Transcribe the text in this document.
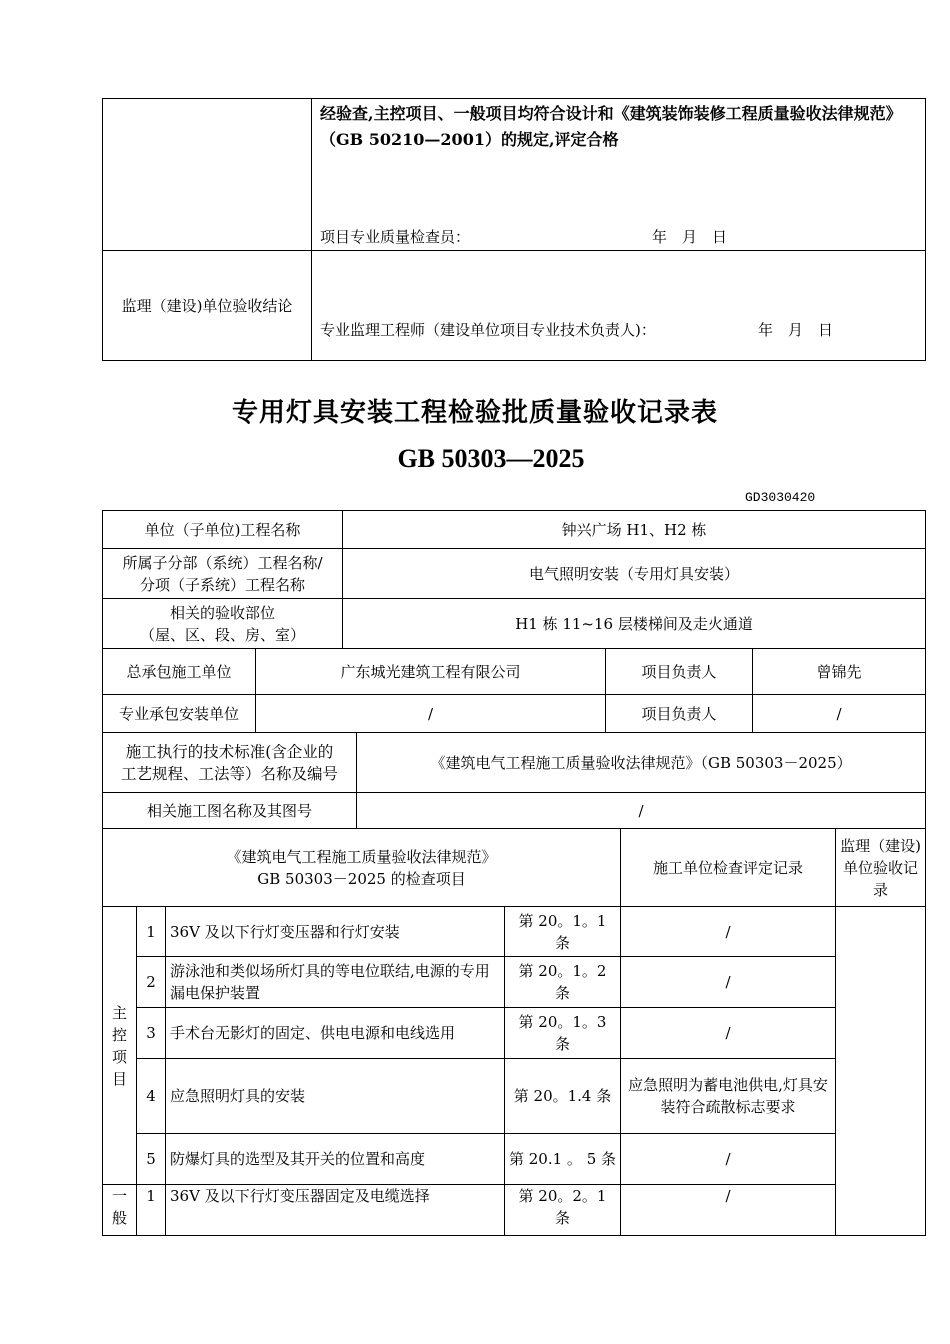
	经验查,主控项目、一般项目均符合设计和《建筑装饰装修工程质量验收法律规范》
（GB 50210—2001）的规定,评定合格
项目专业质量检查员： 年　月　日

监理（建设)单位验收结论	专业监理工程师（建设单位项目专业技术负责人)： 年　月　日
专用灯具安装工程检验批质量验收记录表
GB 50303—2025
GD3030420
单位（子单位)工程名称		钟兴广场 H1、H2 栋			

所属子分部（系统）工程名称/
分项（子系统）工程名称		电气照明安装（专用灯具安装）			

相关的验收部位
（屋、区、段、房、室）		H1 栋 11~16 层楼梯间及走火通道			
总承包施工单位	广东城光建筑工程有限公司			项目负责人	曾锦先
专业承包安装单位	/			项目负责人	/

施工执行的技术标准(含企业的
工艺规程、工法等）名称及编号			《建筑电气工程施工质量验收法律规范》（GB 50303－2025）		
相关施工图名称及其图号			/		
《建筑电气工程施工质量验收法律规范》
GB 50303－2025 的检查项目				施工单位检查评定记录	监理（建设)单位验收记录

主控项目	1	36V 及以下行灯变压器和行灯安装	第 20。1。1 条	/	
	2	游泳池和类似场所灯具的等电位联结,电源的专用漏电保护装置	第 20。1。2 条	/	
	3	手术台无影灯的固定、供电电源和电线选用	第 20。1。3 条	/	
	4	应急照明灯具的安装	第 20。1.4 条	应急照明为蓄电池供电,灯具安装符合疏散标志要求	
	5	防爆灯具的选型及其开关的位置和高度	第 20.1 。 5 条	/	

一般	1	36V 及以下行灯变压器固定及电缆选择	第 20。2。1 条	/	
